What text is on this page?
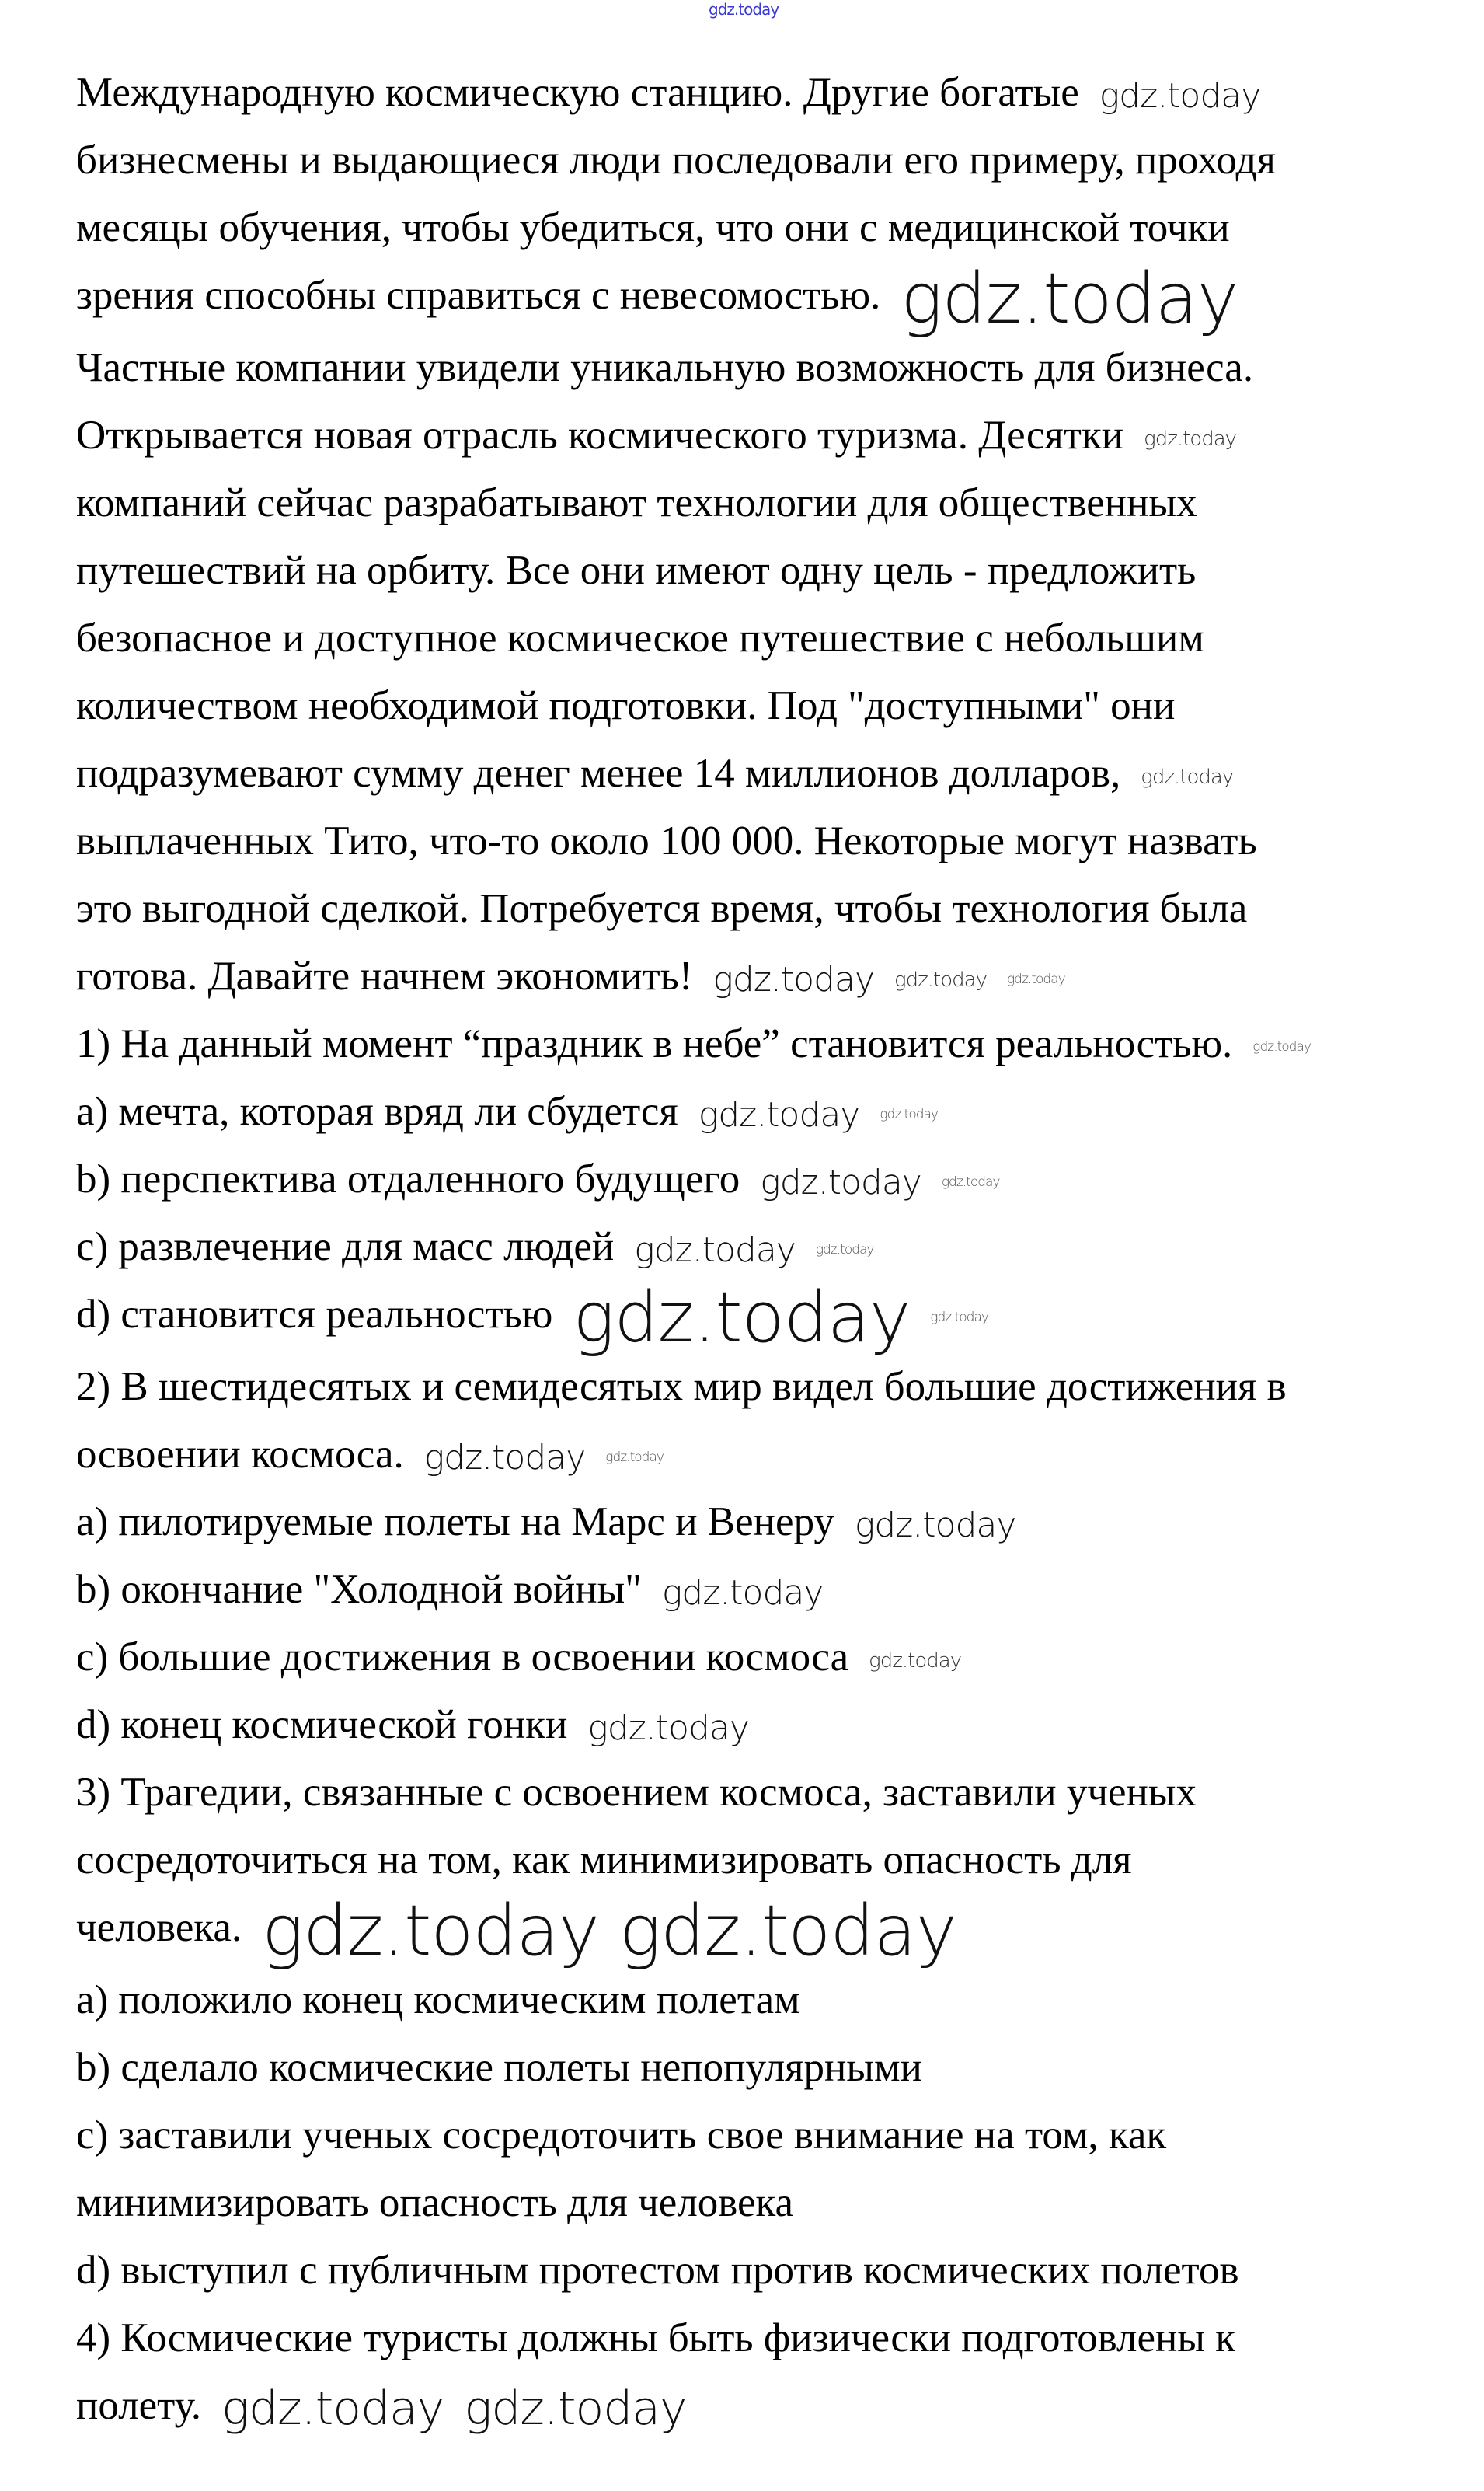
gdz.today
Международную космическую станцию. Другие богатые gdz.today
бизнесмены и выдающиеся люди последовали его примеру, проходя
месяцы обучения, чтобы убедиться, что они с медицинской точки
зрения способны справиться с невесомостью. gdz.today
Частные компании увидели уникальную возможность для бизнеса.
Открывается новая отрасль космического туризма. Десятки gdz.today
компаний сейчас разрабатывают технологии для общественных
путешествий на орбиту. Все они имеют одну цель - предложить
безопасное и доступное космическое путешествие с небольшим
количеством необходимой подготовки. Под "доступными" они
подразумевают сумму денег менее 14 миллионов долларов, gdz.today
выплаченных Тито, что-то около 100 000. Некоторые могут назвать
это выгодной сделкой. Потребуется время, чтобы технология была
готова. Давайте начнем экономить! gdz.today gdz.today gdz.today
1) На данный момент “праздник в небе” становится реальностью. gdz.today
a) мечта, которая вряд ли сбудется gdz.today gdz.today
b) перспектива отдаленного будущего gdz.today gdz.today
c) развлечение для масс людей gdz.today gdz.today
d) становится реальностью gdz.today gdz.today
2) В шестидесятых и семидесятых мир видел большие достижения в
освоении космоса. gdz.today gdz.today
a) пилотируемые полеты на Марс и Венеру gdz.today
b) окончание "Холодной войны" gdz.today
c) большие достижения в освоении космоса gdz.today
d) конец космической гонки gdz.today
3) Трагедии, связанные с освоением космоса, заставили ученых
сосредоточиться на том, как минимизировать опасность для
человека. gdz.today gdz.today
a) положило конец космическим полетам
b) сделало космические полеты непопулярными
c) заставили ученых сосредоточить свое внимание на том, как
минимизировать опасность для человека
d) выступил с публичным протестом против космических полетов
4) Космические туристы должны быть физически подготовлены к
полету. gdz.today gdz.today
